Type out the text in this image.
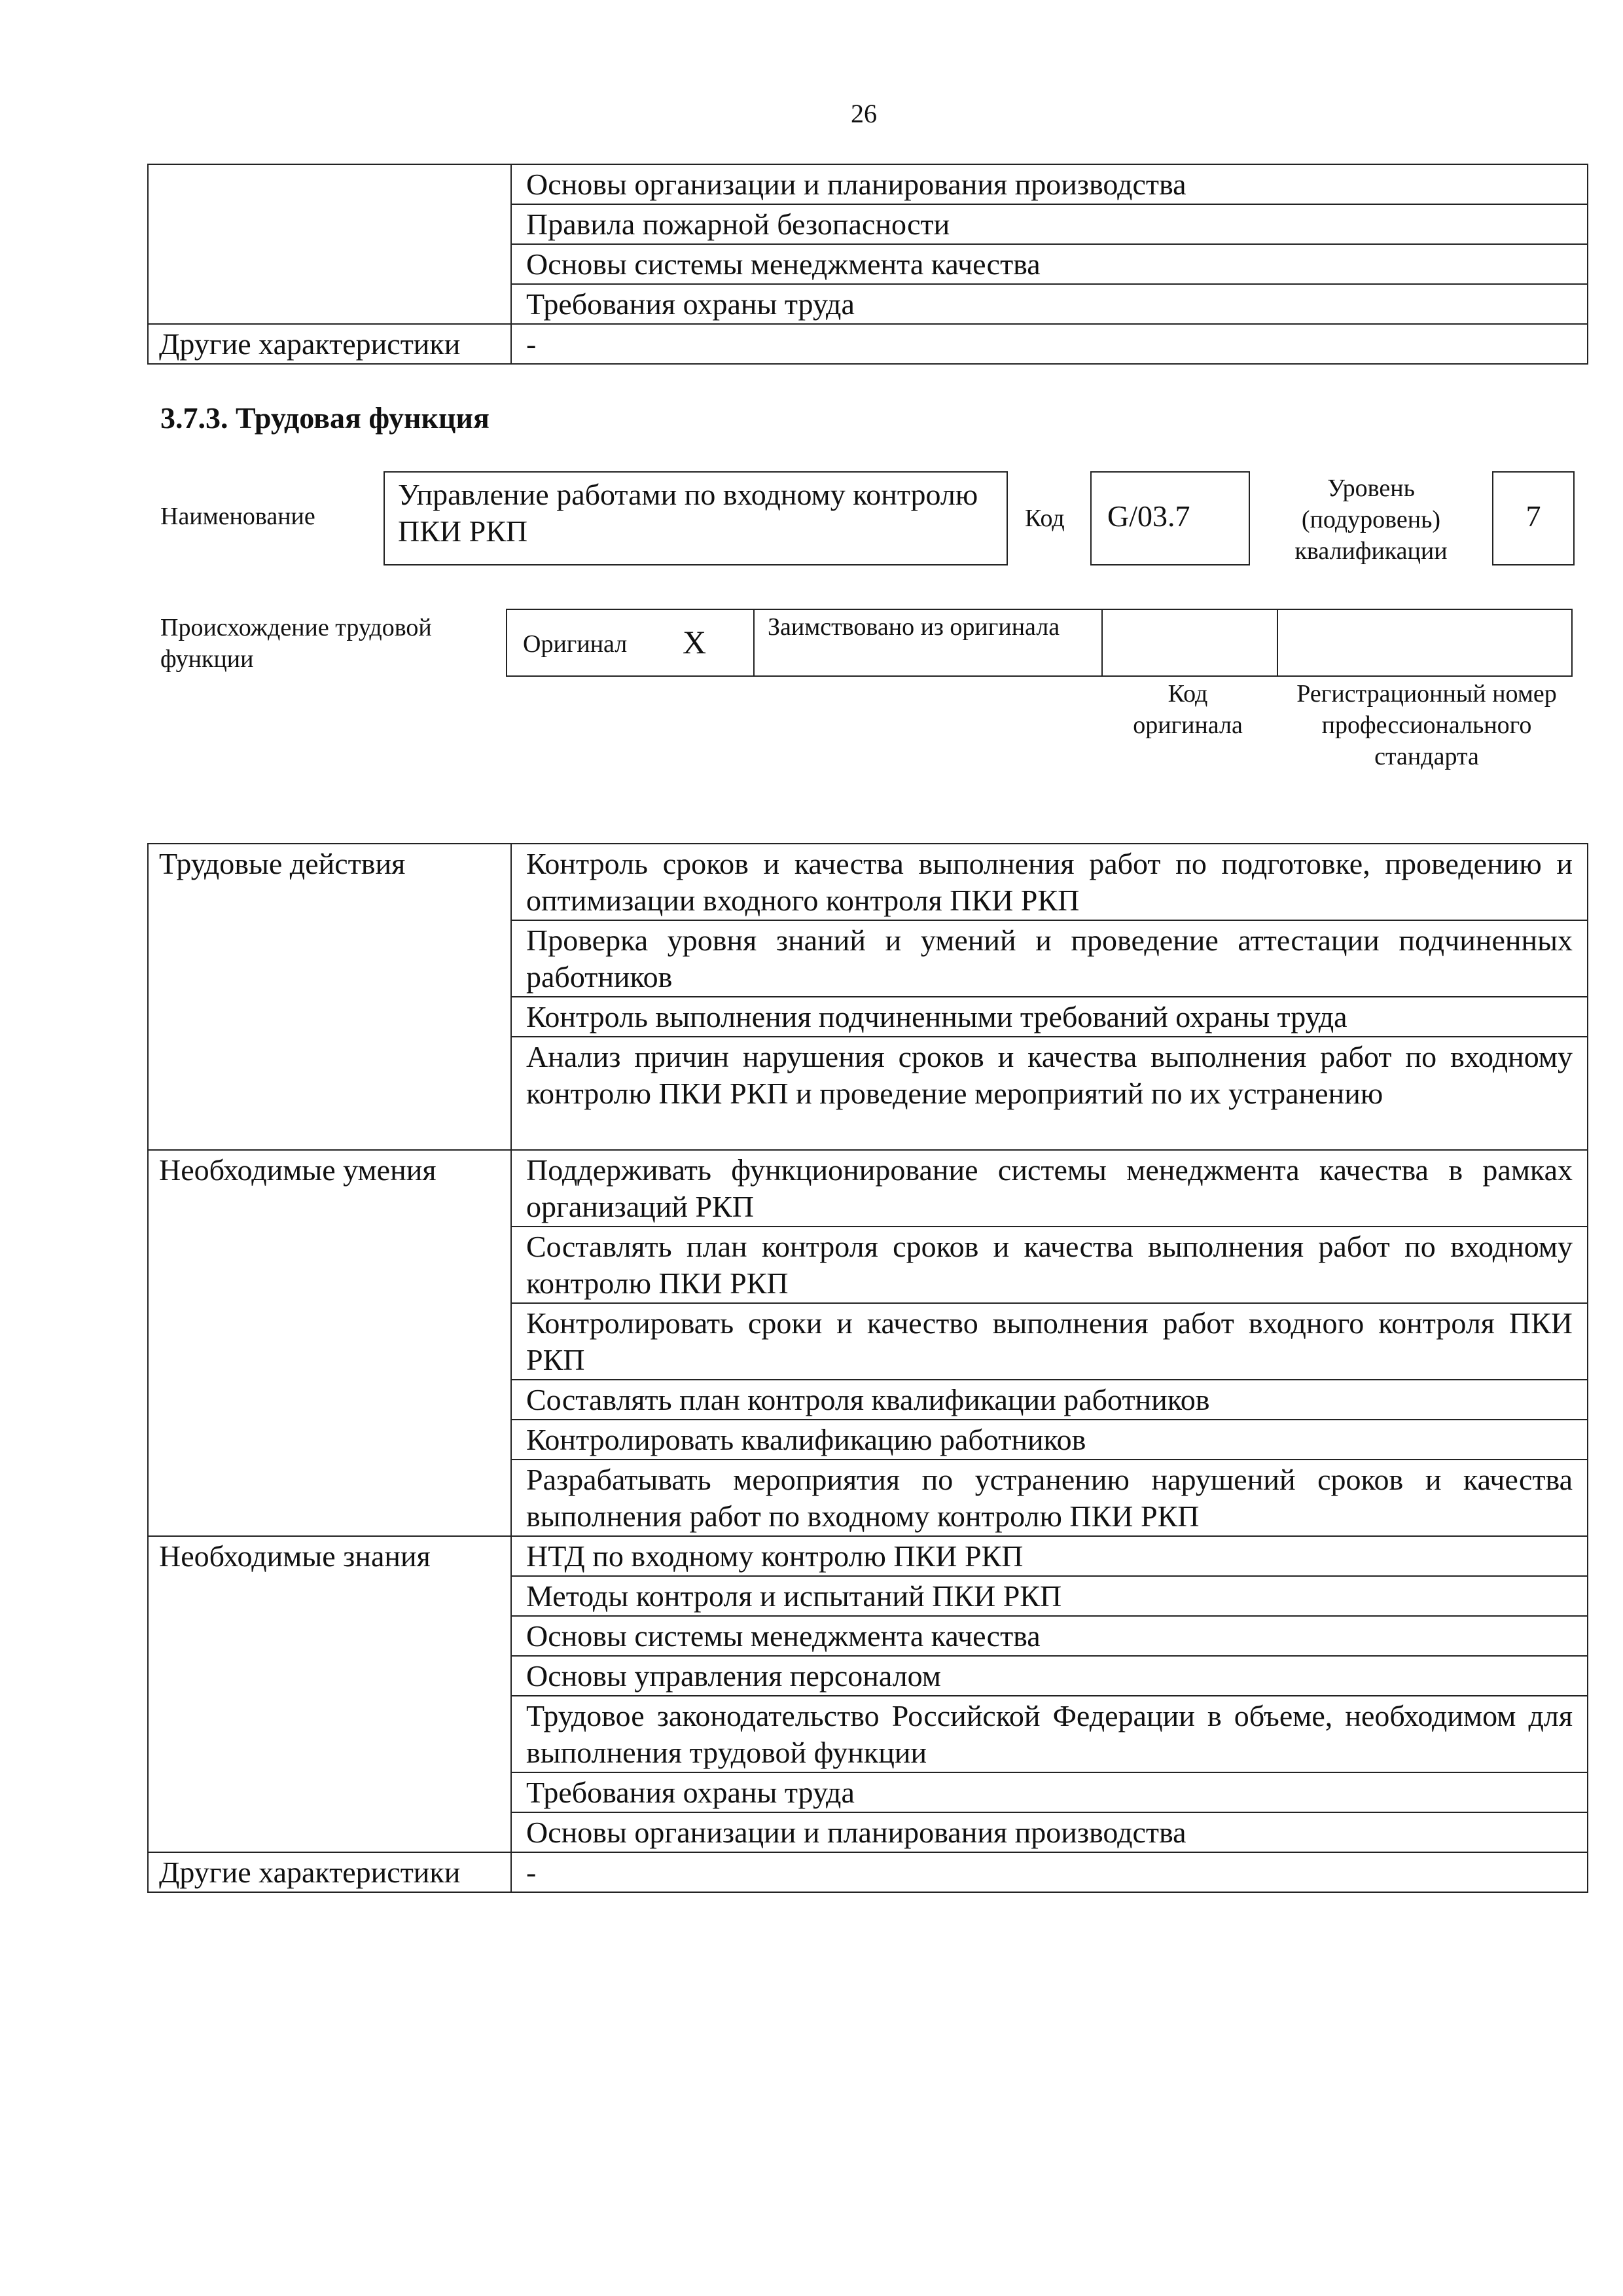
26
	Основы организации и планирования производства
	Правила пожарной безопасности
	Основы системы менеджмента качества
	Требования охраны труда
Другие характеристики	-
3.7.3. Трудовая функция
Наименование
Управление работами по входному контролю ПКИ РКП	Код	G/03.7
Уровень (подуровень) квалификации
7
Происхождение трудовой функции
Оригинал X	Заимствовано из оригинала
Код оригинала
Регистрационный номер профессионального стандарта
Трудовые действия	Контроль сроков и качества выполнения работ по подготовке, проведению и оптимизации входного контроля ПКИ РКП
	Проверка уровня знаний и умений и проведение аттестации подчиненных работников
	Контроль выполнения подчиненными требований охраны труда
	Анализ причин нарушения сроков и качества выполнения работ по входному контролю ПКИ РКП и проведение мероприятий по их устранению
Необходимые умения	Поддерживать функционирование системы менеджмента качества в рамках организаций РКП
	Составлять план контроля сроков и качества выполнения работ по входному контролю ПКИ РКП
	Контролировать сроки и качество выполнения работ входного контроля ПКИ РКП
	Составлять план контроля квалификации работников
	Контролировать квалификацию работников
	Разрабатывать мероприятия по устранению нарушений сроков и качества выполнения работ по входному контролю ПКИ РКП
Необходимые знания	НТД по входному контролю ПКИ РКП
	Методы контроля и испытаний ПКИ РКП
	Основы системы менеджмента качества
	Основы управления персоналом
	Трудовое законодательство Российской Федерации в объеме, необходимом для выполнения трудовой функции
	Требования охраны труда
	Основы организации и планирования производства
Другие характеристики	-
